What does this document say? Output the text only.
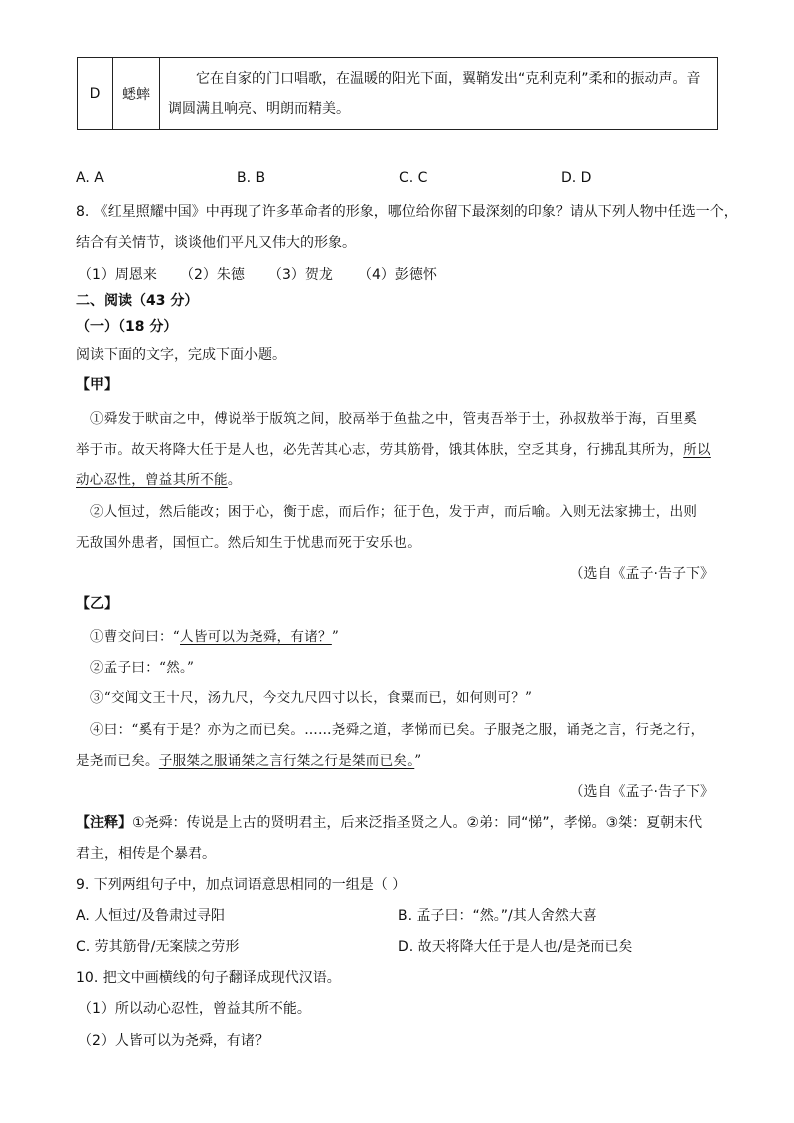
D	蟋蟀	它在自家的门口唱歌，在温暖的阳光下面，翼鞘发出“克利克利”柔和的振动声。音调圆满且响亮、明朗而精美。
A. A	B. B	C. C	D. D
8. 《红星照耀中国》中再现了许多革命者的形象，哪位给你留下最深刻的印象？请从下列人物中任选一个，
结合有关情节，谈谈他们平凡又伟大的形象。
（1）周恩来 （2）朱德 （3）贺龙 （4）彭德怀
二、阅读（43 分）
（一）（18 分）
阅读下面的文字，完成下面小题。
【甲】
①舜发于畎亩之中，傅说举于版筑之间，胶鬲举于鱼盐之中，管夷吾举于士，孙叔敖举于海，百里奚
举于市。故天将降大任于是人也，必先苦其心志，劳其筋骨，饿其体肤，空乏其身，行拂乱其所为，所以
动心忍性，曾益其所不能。
②人恒过，然后能改；困于心，衡于虑，而后作；征于色，发于声，而后喻。入则无法家拂士，出则
无敌国外患者，国恒亡。然后知生于忧患而死于安乐也。
（选自《孟子·告子下》
【乙】
①曹交问曰：“人皆可以为尧舜，有诸？”
②孟子曰：“然。”
③“交闻文王十尺，汤九尺，今交九尺四寸以长，食粟而已，如何则可？”
④曰：“奚有于是？亦为之而已矣。……尧舜之道，孝悌而已矣。子服尧之服，诵尧之言，行尧之行，
是尧而已矣。子服桀之服诵桀之言行桀之行是桀而已矣。”
（选自《孟子·告子下》
【注释】①尧舜：传说是上古的贤明君主，后来泛指圣贤之人。②弟：同“悌”，孝悌。③桀：夏朝末代
君主，相传是个暴君。
9. 下列两组句子中，加点词语意思相同的一组是（ ）
A. 人恒过/及鲁肃过寻阳	B. 孟子曰：“然。”/其人舍然大喜
C. 劳其筋骨/无案牍之劳形	D. 故天将降大任于是人也/是尧而已矣
10. 把文中画横线的句子翻译成现代汉语。
（1）所以动心忍性，曾益其所不能。
（2）人皆可以为尧舜，有诸？
